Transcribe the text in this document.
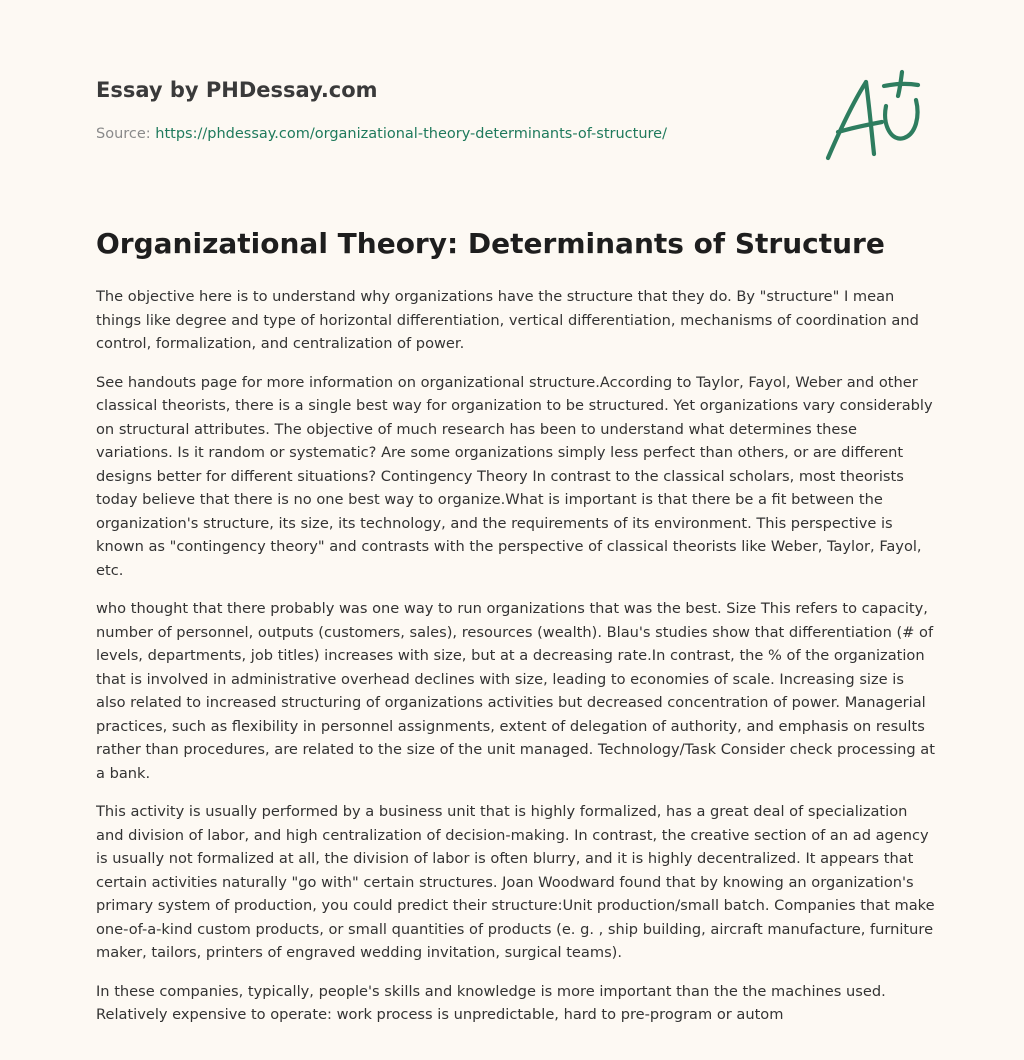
Essay by PHDessay.com
Source: https://phdessay.com/organizational-theory-determinants-of-structure/
Organizational Theory: Determinants of Structure

The objective here is to understand why organizations have the structure that they do. By "structure" I mean things like degree and type of horizontal differentiation, vertical differentiation, mechanisms of coordination and control, formalization, and centralization of power.

See handouts page for more information on organizational structure.According to Taylor, Fayol, Weber and other classical theorists, there is a single best way for organization to be structured. Yet organizations vary considerably on structural attributes. The objective of much research has been to understand what determines these variations. Is it random or systematic? Are some organizations simply less perfect than others, or are different designs better for different situations? Contingency Theory In contrast to the classical scholars, most theorists today believe that there is no one best way to organize.What is important is that there be a fit between the organization's structure, its size, its technology, and the requirements of its environment. This perspective is known as "contingency theory" and contrasts with the perspective of classical theorists like Weber, Taylor, Fayol, etc.

who thought that there probably was one way to run organizations that was the best. Size This refers to capacity, number of personnel, outputs (customers, sales), resources (wealth). Blau's studies show that differentiation (# of levels, departments, job titles) increases with size, but at a decreasing rate.In contrast, the % of the organization that is involved in administrative overhead declines with size, leading to economies of scale. Increasing size is also related to increased structuring of organizations activities but decreased concentration of power. Managerial practices, such as flexibility in personnel assignments, extent of delegation of authority, and emphasis on results rather than procedures, are related to the size of the unit managed. Technology/Task Consider check processing at a bank.

This activity is usually performed by a business unit that is highly formalized, has a great deal of specialization and division of labor, and high centralization of decision-making. In contrast, the creative section of an ad agency is usually not formalized at all, the division of labor is often blurry, and it is highly decentralized. It appears that certain activities naturally "go with" certain structures. Joan Woodward found that by knowing an organization's primary system of production, you could predict their structure:Unit production/small batch. Companies that make one-of-a-kind custom products, or small quantities of products (e. g. , ship building, aircraft manufacture, furniture maker, tailors, printers of engraved wedding invitation, surgical teams).

In these companies, typically, people's skills and knowledge is more important than the the machines used. Relatively expensive to operate: work process is unpredictable, hard to pre-program or autom
